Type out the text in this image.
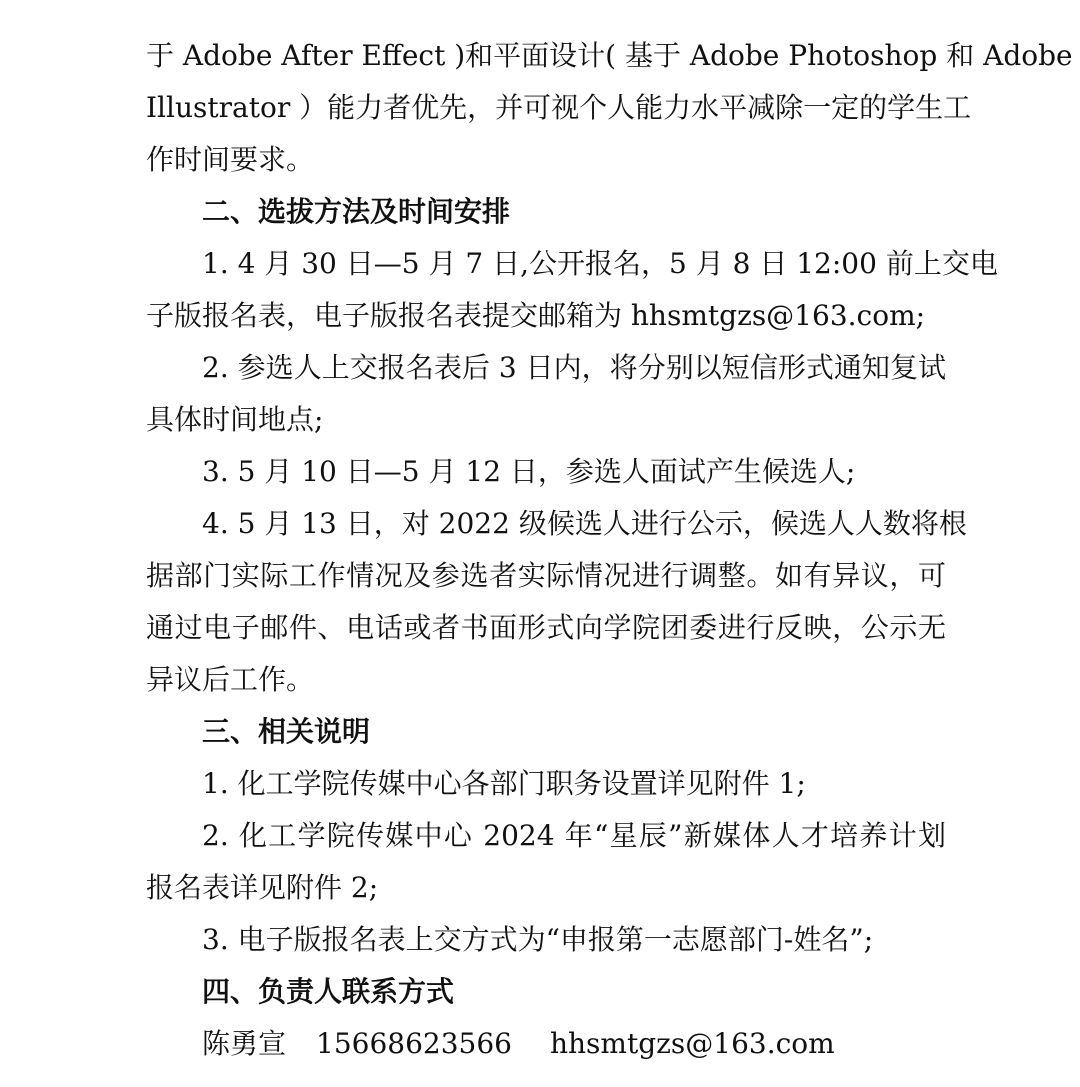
于 Adobe After Effect )和平面设计( 基于 Adobe Photoshop 和 Adobe
Illustrator ）能力者优先，并可视个人能力水平减除一定的学生工
作时间要求。
二、选拔方法及时间安排
1. 4 月 30 日—5 月 7 日,公开报名，5 月 8 日 12:00 前上交电
子版报名表，电子版报名表提交邮箱为 hhsmtgzs@163.com;
2. 参选人上交报名表后 3 日内，将分别以短信形式通知复试
具体时间地点;
3. 5 月 10 日—5 月 12 日，参选人面试产生候选人;
4. 5 月 13 日，对 2022 级候选人进行公示，候选人人数将根
据部门实际工作情况及参选者实际情况进行调整。如有异议，可
通过电子邮件、电话或者书面形式向学院团委进行反映，公示无
异议后工作。
三、相关说明
1. 化工学院传媒中心各部门职务设置详见附件 1;
2. 化工学院传媒中心 2024 年“星辰”新媒体人才培养计划
报名表详见附件 2;
3. 电子版报名表上交方式为“申报第一志愿部门-姓名”;
四、负责人联系方式
陈勇宣 15668623566 hhsmtgzs@163.com
